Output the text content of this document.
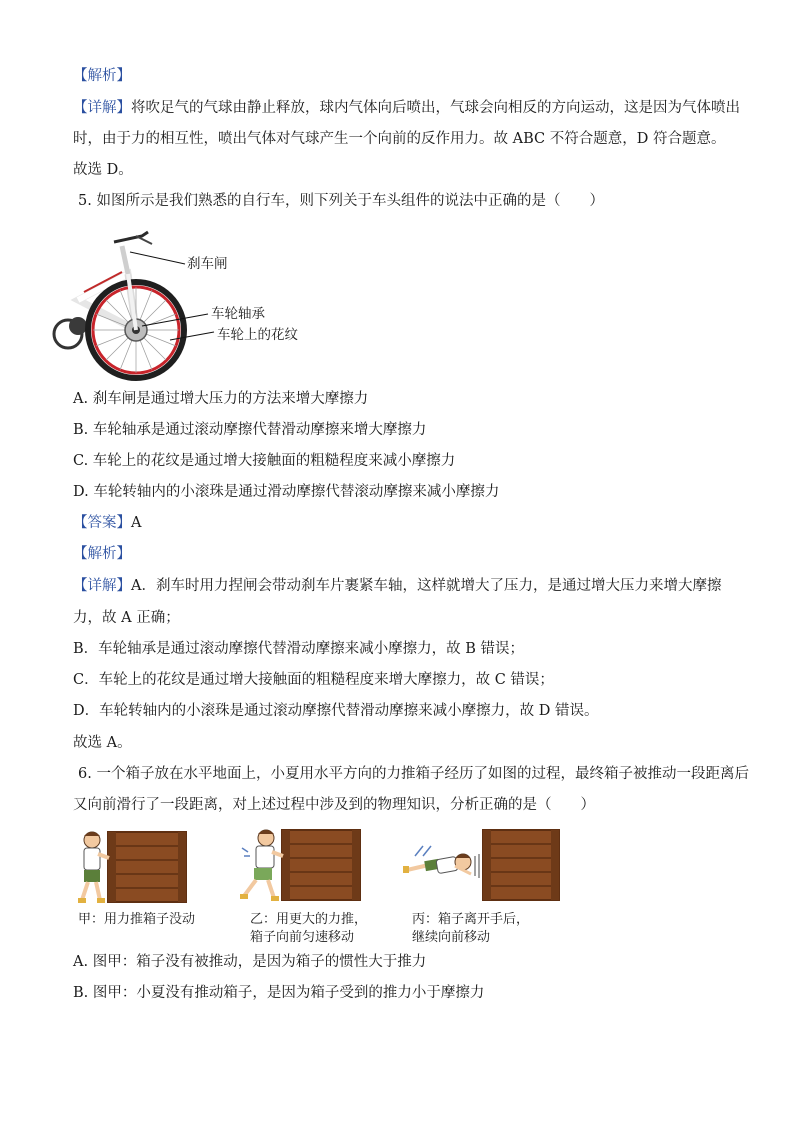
【解析】
【详解】将吹足气的气球由静止释放，球内气体向后喷出，气球会向相反的方向运动，这是因为气体喷出
时，由于力的相互性，喷出气体对气球产生一个向前的反作用力。故 ABC 不符合题意，D 符合题意。
故选 D。
5. 如图所示是我们熟悉的自行车，则下列关于车头组件的说法中正确的是（　　）
刹车闸
车轮轴承
车轮上的花纹
A. 刹车闸是通过增大压力的方法来增大摩擦力
B. 车轮轴承是通过滚动摩擦代替滑动摩擦来增大摩擦力
C. 车轮上的花纹是通过增大接触面的粗糙程度来减小摩擦力
D. 车轮转轴内的小滚珠是通过滑动摩擦代替滚动摩擦来减小摩擦力
【答案】A
【解析】
【详解】A．刹车时用力捏闸会带动刹车片裹紧车轴，这样就增大了压力，是通过增大压力来增大摩擦
力，故 A 正确；
B．车轮轴承是通过滚动摩擦代替滑动摩擦来减小摩擦力，故 B 错误；
C．车轮上的花纹是通过增大接触面的粗糙程度来增大摩擦力，故 C 错误；
D．车轮转轴内的小滚珠是通过滚动摩擦代替滑动摩擦来减小摩擦力，故 D 错误。
故选 A。
6. 一个箱子放在水平地面上，小夏用水平方向的力推箱子经历了如图的过程，最终箱子被推动一段距离后
又向前滑行了一段距离，对上述过程中涉及到的物理知识，分析正确的是（　　）
甲：用力推箱子没动	乙：用更大的力推，
箱子向前匀速移动
丙：箱子离开手后，
继续向前移动
A. 图甲：箱子没有被推动，是因为箱子的惯性大于推力
B. 图甲：小夏没有推动箱子，是因为箱子受到的推力小于摩擦力
